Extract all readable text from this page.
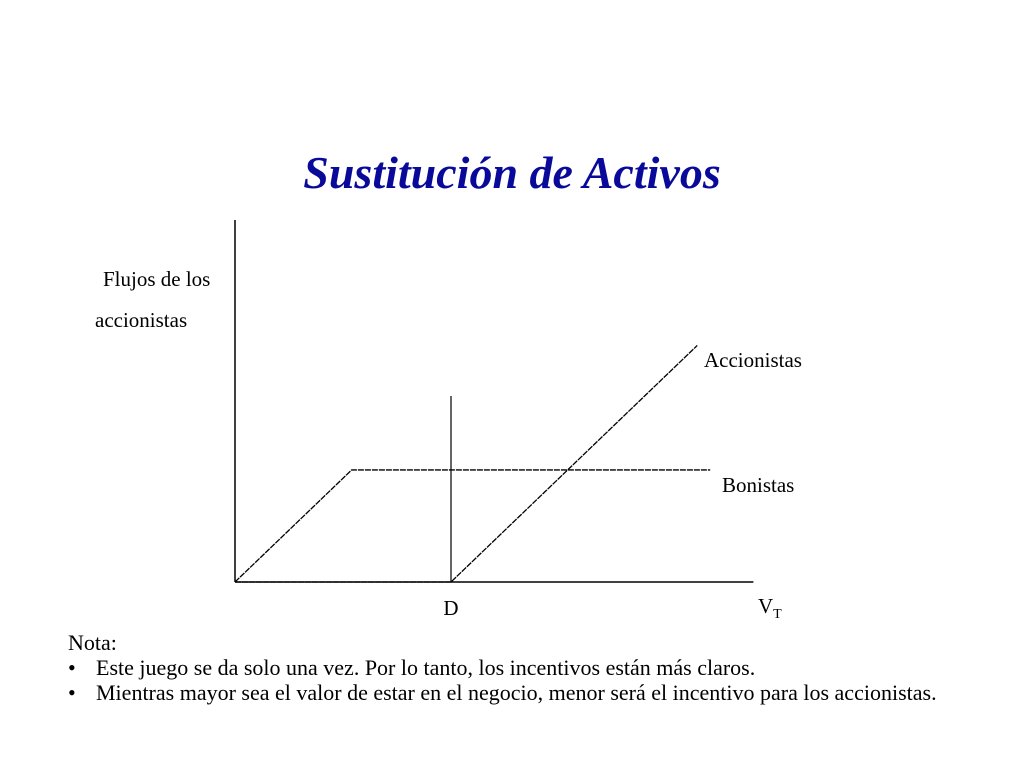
Sustitución de Activos
Flujos de los
accionistas
Accionistas
Bonistas
D	$V_T$
Nota:
• Este juego se da solo una vez. Por lo tanto, los incentivos están más claros.
• Mientras mayor sea el valor de estar en el negocio, menor será el incentivo para los accionistas.
